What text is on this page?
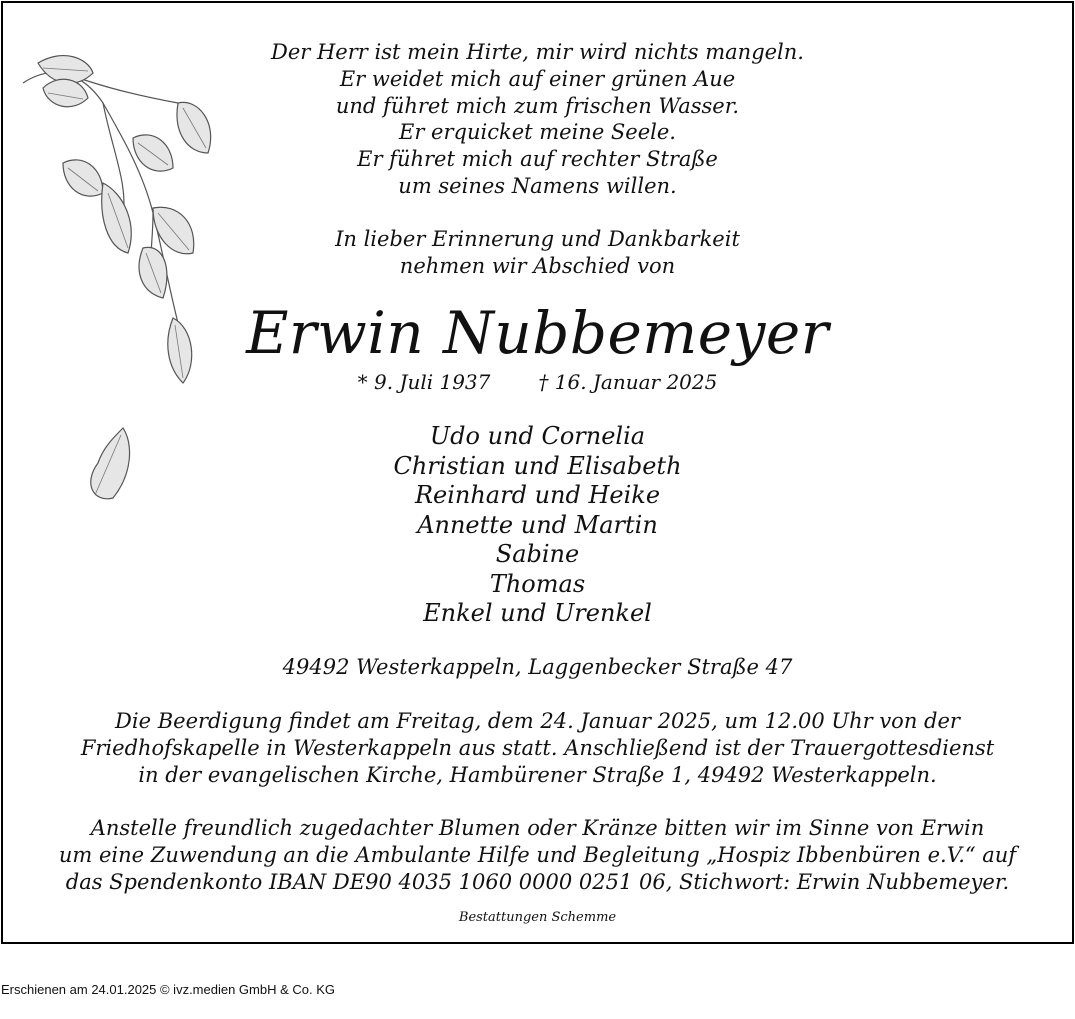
Der Herr ist mein Hirte, mir wird nichts mangeln.
Er weidet mich auf einer grünen Aue
und führet mich zum frischen Wasser.
Er erquicket meine Seele.
Er führet mich auf rechter Straße
um seines Namens willen.
In lieber Erinnerung und Dankbarkeit
nehmen wir Abschied von
Erwin Nubbemeyer
* 9. Juli 1937 † 16. Januar 2025
Udo und Cornelia
Christian und Elisabeth
Reinhard und Heike
Annette und Martin
Sabine
Thomas
Enkel und Urenkel
49492 Westerkappeln, Laggenbecker Straße 47
Die Beerdigung findet am Freitag, dem 24. Januar 2025, um 12.00 Uhr von der
Friedhofskapelle in Westerkappeln aus statt. Anschließend ist der Trauergottesdienst
in der evangelischen Kirche, Hambürener Straße 1, 49492 Westerkappeln.
Anstelle freundlich zugedachter Blumen oder Kränze bitten wir im Sinne von Erwin
um eine Zuwendung an die Ambulante Hilfe und Begleitung „Hospiz Ibbenbüren e.V.“ auf
das Spendenkonto IBAN DE90 4035 1060 0000 0251 06, Stichwort: Erwin Nubbemeyer.
Bestattungen Schemme
Erschienen am 24.01.2025 © ivz.medien GmbH & Co. KG
